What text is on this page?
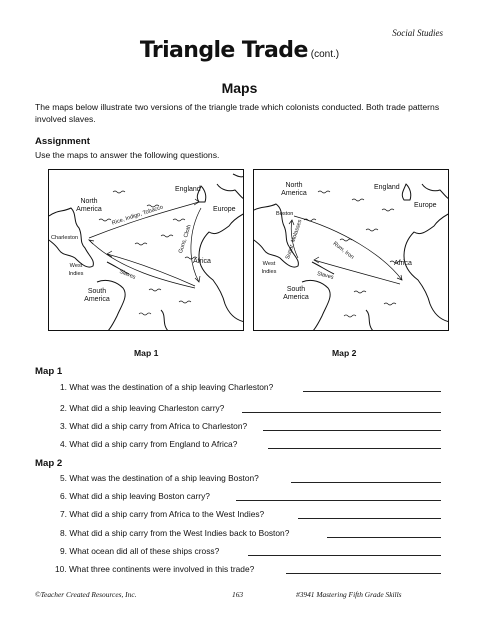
Social Studies
Triangle Trade (cont.)
Maps
The maps below illustrate two versions of the triangle trade which colonists conducted. Both trade patterns involved slaves.
Assignment
Use the maps to answer the following questions.
North America
England
Europe
Africa
South America
Charleston
West Indies
Rice, Indigo, Tobacco
Guns, Cloth
Slaves
North America
England
Europe
Africa
South America
Boston
West Indies
Rum, Iron
Sugar, Molasses
Slaves
Map 1	Map 2
Map 1
1. What was the destination of a ship leaving Charleston?
2. What did a ship leaving Charleston carry?
3. What did a ship carry from Africa to Charleston?
4. What did a ship carry from England to Africa?
Map 2
5. What was the destination of a ship leaving Boston?
6. What did a ship leaving Boston carry?
7. What did a ship carry from Africa to the West Indies?
8. What did a ship carry from the West Indies back to Boston?
9. What ocean did all of these ships cross?
10. What three continents were involved in this trade?
©Teacher Created Resources, Inc.	163	#3941 Mastering Fifth Grade Skills
